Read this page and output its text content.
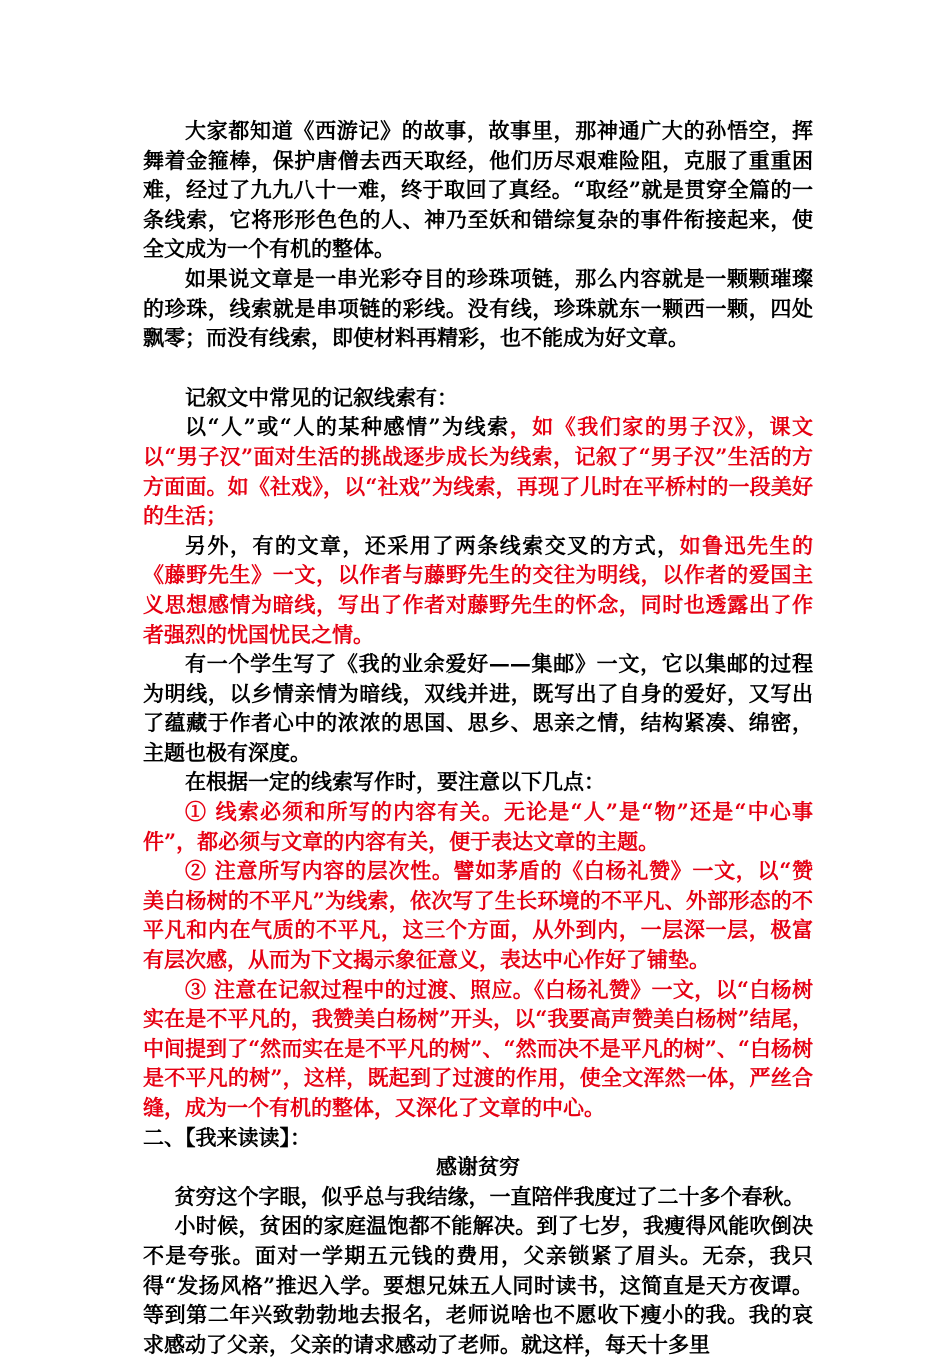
大家都知道《西游记》的故事，故事里，那神通广大的孙悟空，挥舞着金箍棒，保护唐僧去西天取经，他们历尽艰难险阻，克服了重重困难，经过了九九八十一难，终于取回了真经。“取经”就是贯穿全篇的一条线索，它将形形色色的人、神乃至妖和错综复杂的事件衔接起来，使全文成为一个有机的整体。

如果说文章是一串光彩夺目的珍珠项链，那么内容就是一颗颗璀璨的珍珠，线索就是串项链的彩线。没有线，珍珠就东一颗西一颗，四处飘零；而没有线索，即使材料再精彩，也不能成为好文章。

记叙文中常见的记叙线索有：

以“人”或“人的某种感情”为线索，如《我们家的男子汉》，课文以“男子汉”面对生活的挑战逐步成长为线索，记叙了“男子汉”生活的方方面面。如《社戏》，以“社戏”为线索，再现了儿时在平桥村的一段美好的生活；

另外，有的文章，还采用了两条线索交叉的方式，如鲁迅先生的《藤野先生》一文，以作者与藤野先生的交往为明线，以作者的爱国主义思想感情为暗线，写出了作者对藤野先生的怀念，同时也透露出了作者强烈的忧国忧民之情。

有一个学生写了《我的业余爱好——集邮》一文，它以集邮的过程为明线，以乡情亲情为暗线，双线并进，既写出了自身的爱好，又写出了蕴藏于作者心中的浓浓的思国、思乡、思亲之情，结构紧凑、绵密，主题也极有深度。

在根据一定的线索写作时，要注意以下几点：

① 线索必须和所写的内容有关。无论是“人”是“物”还是“中心事件”，都必须与文章的内容有关，便于表达文章的主题。

② 注意所写内容的层次性。譬如茅盾的《白杨礼赞》一文，以“赞美白杨树的不平凡”为线索，依次写了生长环境的不平凡、外部形态的不平凡和内在气质的不平凡，这三个方面，从外到内，一层深一层，极富有层次感，从而为下文揭示象征意义，表达中心作好了铺垫。

③ 注意在记叙过程中的过渡、照应。《白杨礼赞》一文，以“白杨树实在是不平凡的，我赞美白杨树”开头，以“我要高声赞美白杨树”结尾，中间提到了“然而实在是不平凡的树”、“然而决不是平凡的树”、“白杨树是不平凡的树”，这样，既起到了过渡的作用，使全文浑然一体，严丝合缝，成为一个有机的整体，又深化了文章的中心。

二、【我来读读】：

感谢贫穷

贫穷这个字眼，似乎总与我结缘，一直陪伴我度过了二十多个春秋。

小时候，贫困的家庭温饱都不能解决。到了七岁，我瘦得风能吹倒决不是夸张。面对一学期五元钱的费用，父亲锁紧了眉头。无奈，我只得“发扬风格”推迟入学。要想兄妹五人同时读书，这简直是天方夜谭。等到第二年兴致勃勃地去报名，老师说啥也不愿收下瘦小的我。我的哀求感动了父亲，父亲的请求感动了老师。就这样，每天十多里
